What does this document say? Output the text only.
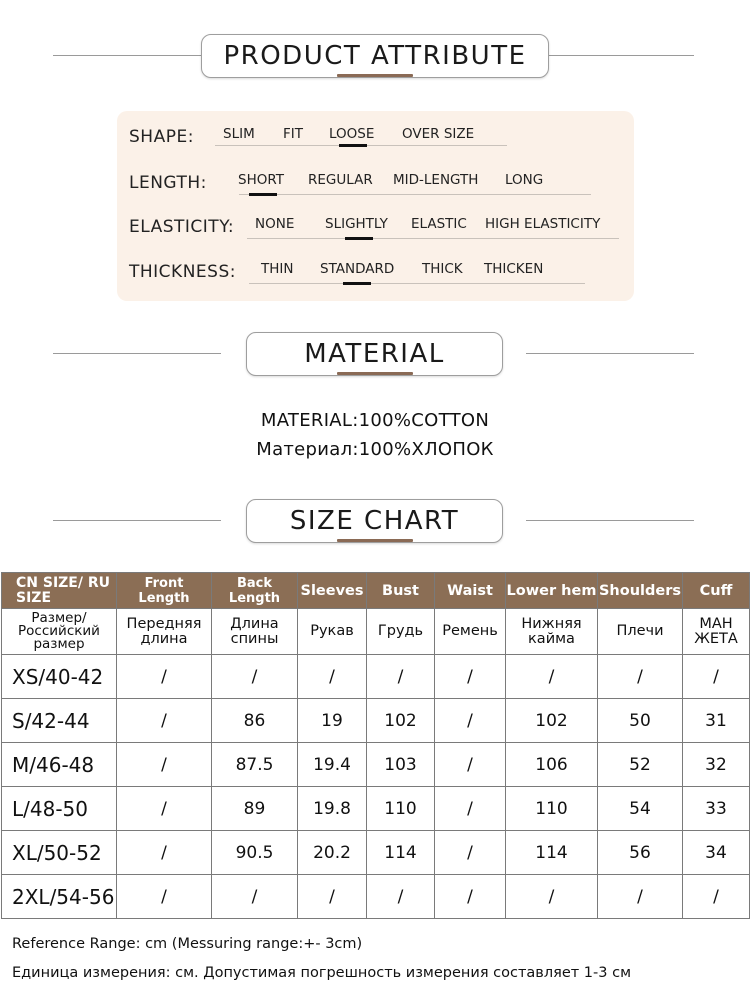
PRODUCT ATTRIBUTE
SHAPE: SLIM FIT LOOSE OVER SIZE
LENGTH: SHORT REGULAR MID-LENGTH LONG
ELASTICITY: NONE SLIGHTLY ELASTIC HIGH ELASTICITY
THICKNESS: THIN STANDARD THICK THICKEN
MATERIAL
MATERIAL:100%COTTON
Материал:100%ХЛОПОК
SIZE CHART
CN SIZE/ RU SIZE	Front Length	Back Length	Sleeves	Bust	Waist	Lower hem	Shoulders	Cuff
Размер/ Российский размер	Передняя длина	Длина спины	Рукав	Грудь	Ремень	Нижняя кайма	Плечи	МАН ЖЕТА
XS/40-42	/	/	/	/	/	/	/	/
S/42-44	/	86	19	102	/	102	50	31
M/46-48	/	87.5	19.4	103	/	106	52	32
L/48-50	/	89	19.8	110	/	110	54	33
XL/50-52	/	90.5	20.2	114	/	114	56	34
2XL/54-56	/	/	/	/	/	/	/	/
Reference Range: cm (Messuring range:+- 3cm)
Единица измерения: см. Допустимая погрешность измерения составляет 1-3 см
